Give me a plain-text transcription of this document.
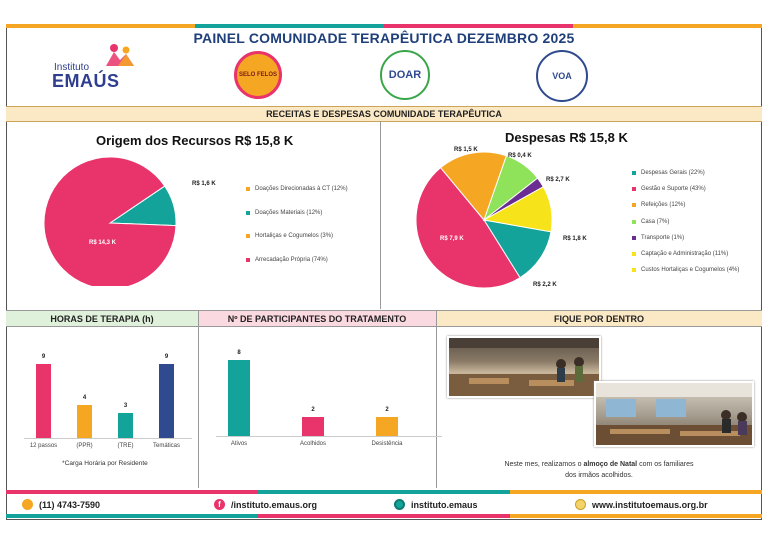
PAINEL COMUNIDADE TERAPÊUTICA DEZEMBRO 2025
Instituto
EMAÚS	SELO FELOS	DOAR	VOA
RECEITAS E DESPESAS COMUNIDADE TERAPÊUTICA
Origem dos Recursos R$ 15,8 K
R$ 1,6 K
R$ 14,3 K
Doações Direcionadas à CT (12%)
Doações Materiais (12%)
Hortaliças e Cogumelos (3%)
Arrecadação Própria (74%)
Despesas R$ 15,8 K
R$ 2,2 K
R$ 7,9 K
R$ 2,7 K
R$ 1,5 K
R$ 0,4 K
R$ 1,8 K
Despesas Gerais (22%)
Gestão e Suporte (43%)
Refeições (12%)
Casa (7%)
Transporte (1%)
Captação e Administração (11%)
Custos Hortaliças e Cogumelos (4%)
HORAS DE TERAPIA (h)	Nº DE PARTICIPANTES DO TRATAMENTO	FIQUE POR DENTRO
9
12 passos
4
(PPR)
3
(TRE)
9
Temáticas
*Carga Horária por Residente
8
Ativos
2
Acolhidos
2
Desistência
Neste mes, realizamos o almoço de Natal com os familiares
dos irmãos acolhidos.
(11) 4743-7590	f	/instituto.emaus.org	instituto.emaus	www.institutoemaus.org.br
